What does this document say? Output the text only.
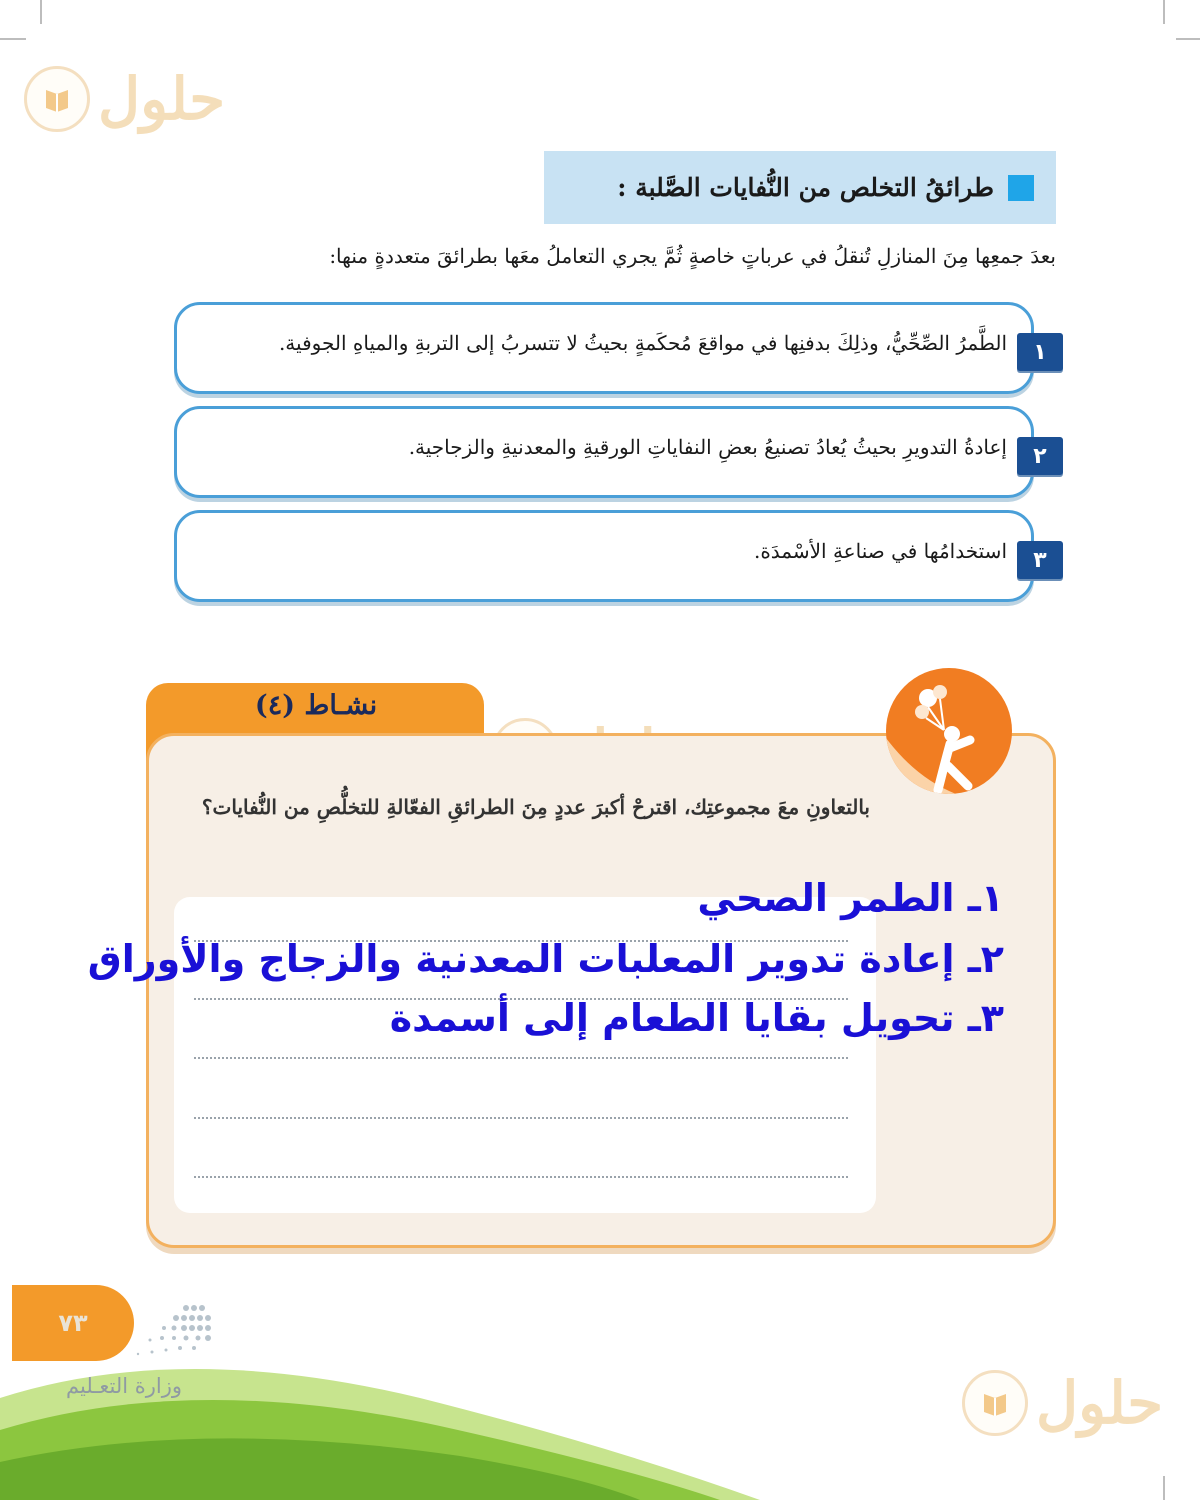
حلول
طرائقُ التخلص من النُّفايات الصَّلبة :
بعدَ جمعِها مِنَ المنازلِ تُنقلُ في عرباتٍ خاصةٍ ثُمَّ يجري التعاملُ معَها بطرائقَ متعددةٍ منها:
١
الطَّمرُ الصِّحِّيُّ، وذلِكَ بدفنِها في مواقعَ مُحكَمةٍ بحيثُ لا تتسربُ إلى التربةِ والمياهِ الجوفية.
٢
إعادةُ التدويرِ بحيثُ يُعادُ تصنيعُ بعضِ النفاياتِ الورقيةِ والمعدنيةِ والزجاجية.
٣
استخدامُها في صناعةِ الأسْمدَة.
نشـاط (٤)
بالتعاونِ معَ مجموعتِك، اقترحْ أكبرَ عددٍ مِنَ الطرائقِ الفعّالةِ للتخلُّصِ من النُّفايات؟
١ـ الطمر الصحي
٢ـ إعادة تدوير المعلبات المعدنية والزجاج والأوراق
٣ـ تحويل بقايا الطعام إلى أسمدة
٧٣
وزارة التعـليم	حلول
